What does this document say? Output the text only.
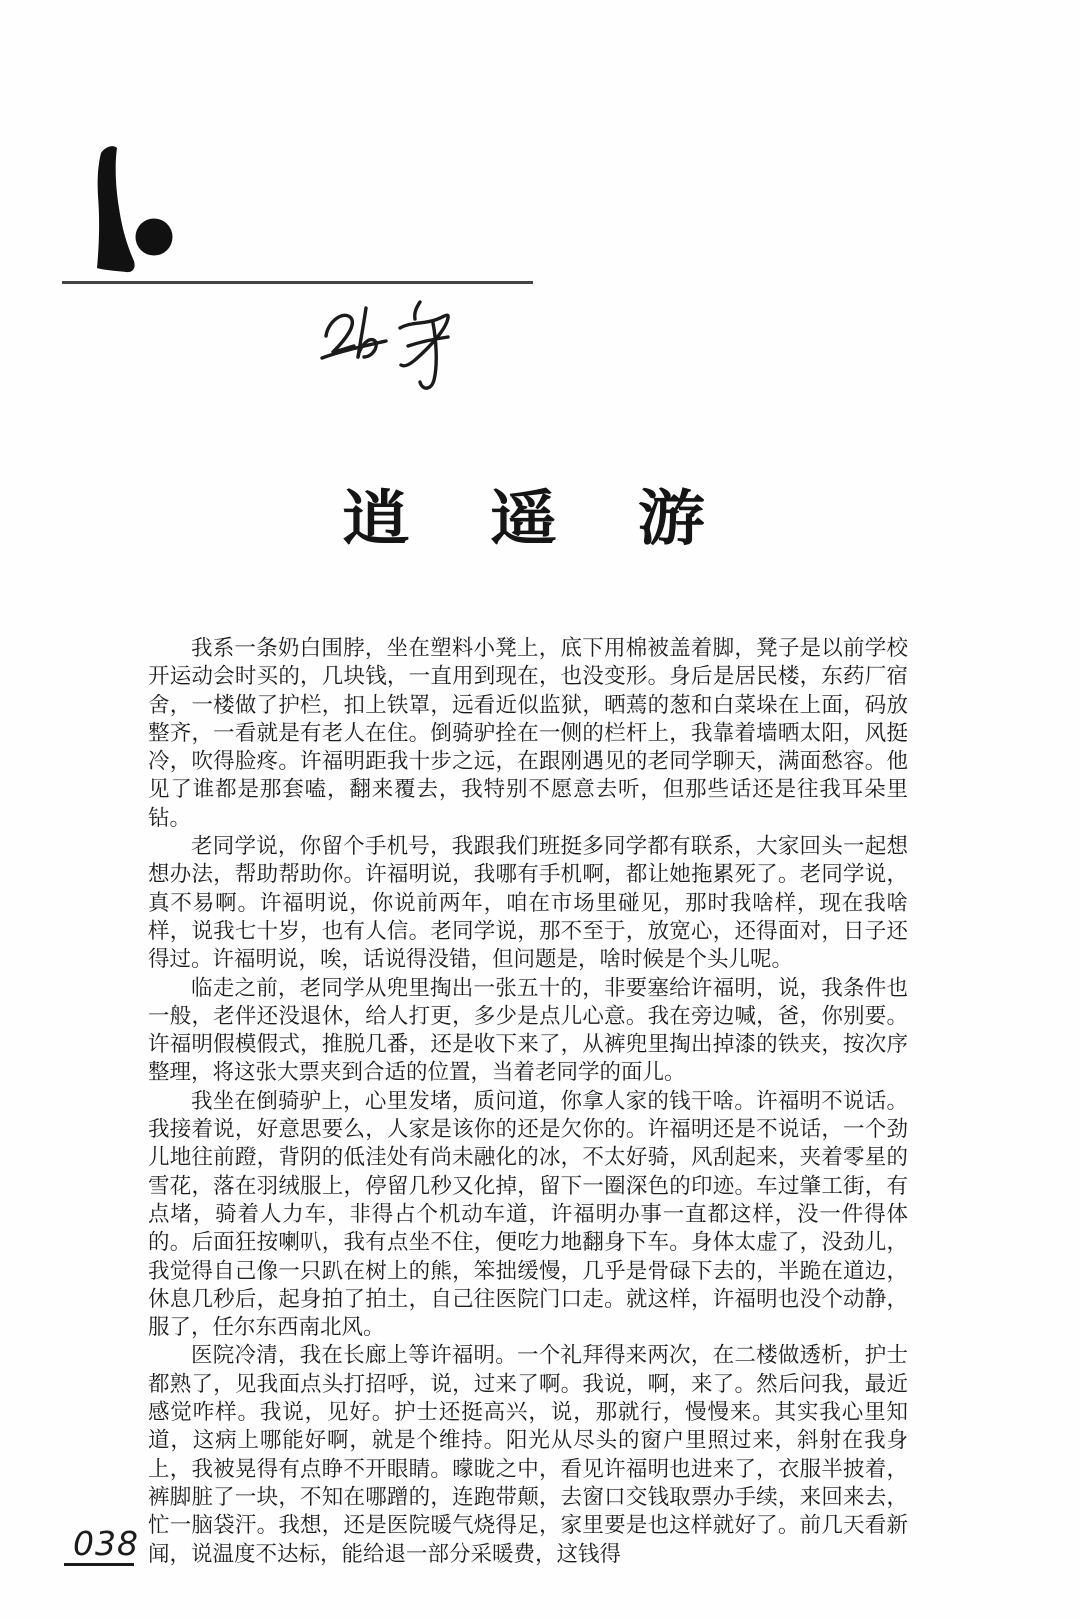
逍遥游

我系一条奶白围脖，坐在塑料小凳上，底下用棉被盖着脚，凳子是以前学校开运动会时买的，几块钱，一直用到现在，也没变形。身后是居民楼，东药厂宿舍，一楼做了护栏，扣上铁罩，远看近似监狱，晒蔫的葱和白菜垛在上面，码放整齐，一看就是有老人在住。倒骑驴拴在一侧的栏杆上，我靠着墙晒太阳，风挺冷，吹得脸疼。许福明距我十步之远，在跟刚遇见的老同学聊天，满面愁容。他见了谁都是那套嗑，翻来覆去，我特别不愿意去听，但那些话还是往我耳朵里钻。

老同学说，你留个手机号，我跟我们班挺多同学都有联系，大家回头一起想想办法，帮助帮助你。许福明说，我哪有手机啊，都让她拖累死了。老同学说，真不易啊。许福明说，你说前两年，咱在市场里碰见，那时我啥样，现在我啥样，说我七十岁，也有人信。老同学说，那不至于，放宽心，还得面对，日子还得过。许福明说，唉，话说得没错，但问题是，啥时候是个头儿呢。

临走之前，老同学从兜里掏出一张五十的，非要塞给许福明，说，我条件也一般，老伴还没退休，给人打更，多少是点儿心意。我在旁边喊，爸，你别要。许福明假模假式，推脱几番，还是收下来了，从裤兜里掏出掉漆的铁夹，按次序整理，将这张大票夹到合适的位置，当着老同学的面儿。

我坐在倒骑驴上，心里发堵，质问道，你拿人家的钱干啥。许福明不说话。我接着说，好意思要么，人家是该你的还是欠你的。许福明还是不说话，一个劲儿地往前蹬，背阴的低洼处有尚未融化的冰，不太好骑，风刮起来，夹着零星的雪花，落在羽绒服上，停留几秒又化掉，留下一圈深色的印迹。车过肇工街，有点堵，骑着人力车，非得占个机动车道，许福明办事一直都这样，没一件得体的。后面狂按喇叭，我有点坐不住，便吃力地翻身下车。身体太虚了，没劲儿，我觉得自己像一只趴在树上的熊，笨拙缓慢，几乎是骨碌下去的，半跪在道边，休息几秒后，起身拍了拍土，自己往医院门口走。就这样，许福明也没个动静，服了，任尔东西南北风。

医院冷清，我在长廊上等许福明。一个礼拜得来两次，在二楼做透析，护士都熟了，见我面点头打招呼，说，过来了啊。我说，啊，来了。然后问我，最近感觉咋样。我说，见好。护士还挺高兴，说，那就行，慢慢来。其实我心里知道，这病上哪能好啊，就是个维持。阳光从尽头的窗户里照过来，斜射在我身上，我被晃得有点睁不开眼睛。曚昽之中，看见许福明也进来了，衣服半披着，裤脚脏了一块，不知在哪蹭的，连跑带颠，去窗口交钱取票办手续，来回来去，忙一脑袋汗。我想，还是医院暖气烧得足，家里要是也这样就好了。前几天看新闻，说温度不达标，能给退一部分采暖费，这钱得

038
